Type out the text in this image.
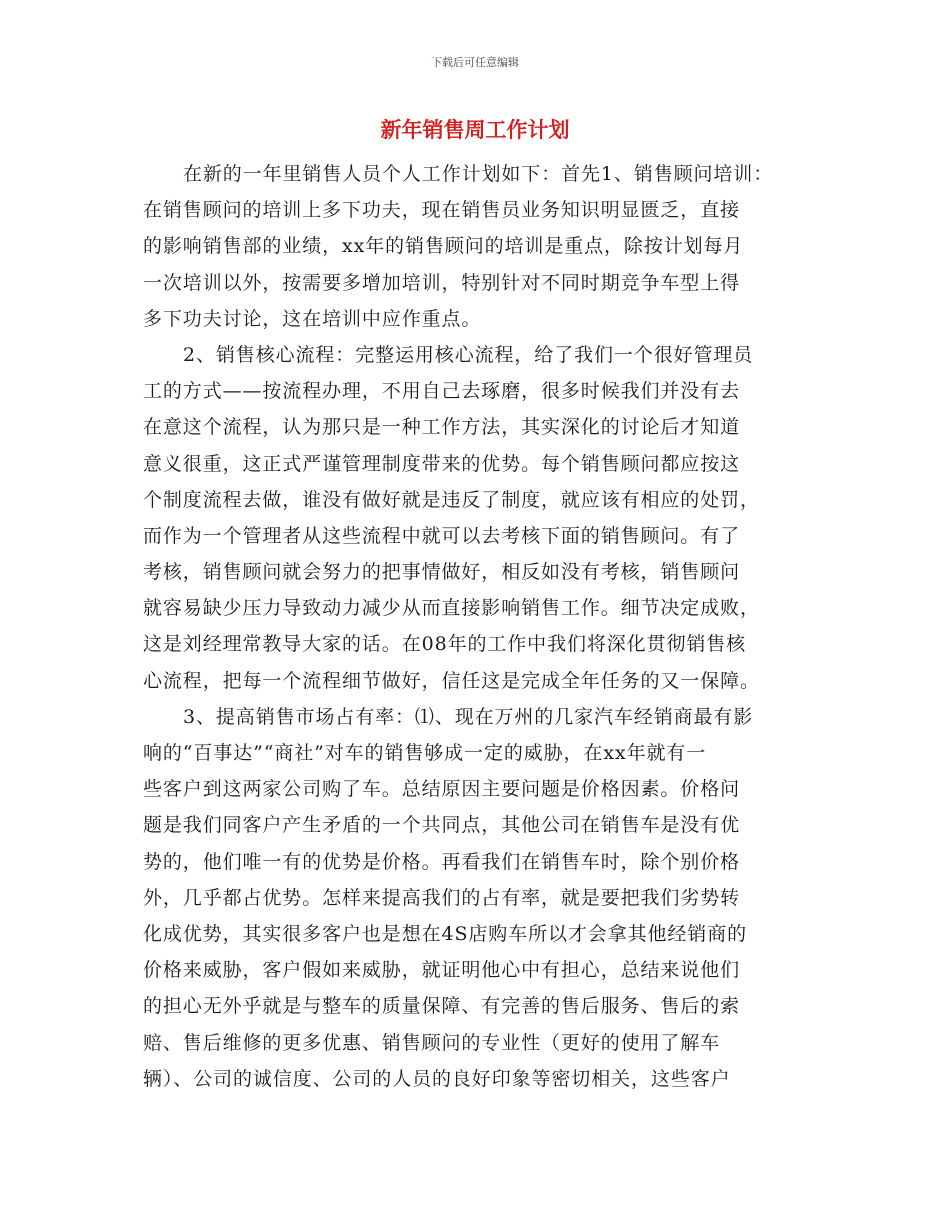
下载后可任意编辑
新年销售周工作计划
在新的一年里销售人员个人工作计划如下：首先1、销售顾问培训：
在销售顾问的培训上多下功夫，现在销售员业务知识明显匮乏，直接
的影响销售部的业绩，xx年的销售顾问的培训是重点，除按计划每月
一次培训以外，按需要多增加培训，特别针对不同时期竞争车型上得
多下功夫讨论，这在培训中应作重点。
2、销售核心流程：完整运用核心流程，给了我们一个很好管理员
工的方式——按流程办理，不用自己去琢磨，很多时候我们并没有去
在意这个流程，认为那只是一种工作方法，其实深化的讨论后才知道
意义很重，这正式严谨管理制度带来的优势。每个销售顾问都应按这
个制度流程去做，谁没有做好就是违反了制度，就应该有相应的处罚，
而作为一个管理者从这些流程中就可以去考核下面的销售顾问。有了
考核，销售顾问就会努力的把事情做好，相反如没有考核，销售顾问
就容易缺少压力导致动力减少从而直接影响销售工作。细节决定成败，
这是刘经理常教导大家的话。在08年的工作中我们将深化贯彻销售核
心流程，把每一个流程细节做好，信任这是完成全年任务的又一保障。
3、提高销售市场占有率：⑴、现在万州的几家汽车经销商最有影
响的“百事达”“商社”对车的销售够成一定的威胁，在xx年就有一
些客户到这两家公司购了车。总结原因主要问题是价格因素。价格问
题是我们同客户产生矛盾的一个共同点，其他公司在销售车是没有优
势的，他们唯一有的优势是价格。再看我们在销售车时，除个别价格
外，几乎都占优势。怎样来提高我们的占有率，就是要把我们劣势转
化成优势，其实很多客户也是想在4S店购车所以才会拿其他经销商的
价格来威胁，客户假如来威胁，就证明他心中有担心，总结来说他们
的担心无外乎就是与整车的质量保障、有完善的售后服务、售后的索
赔、售后维修的更多优惠、销售顾问的专业性（更好的使用了解车
辆）、公司的诚信度、公司的人员的良好印象等密切相关，这些客户
